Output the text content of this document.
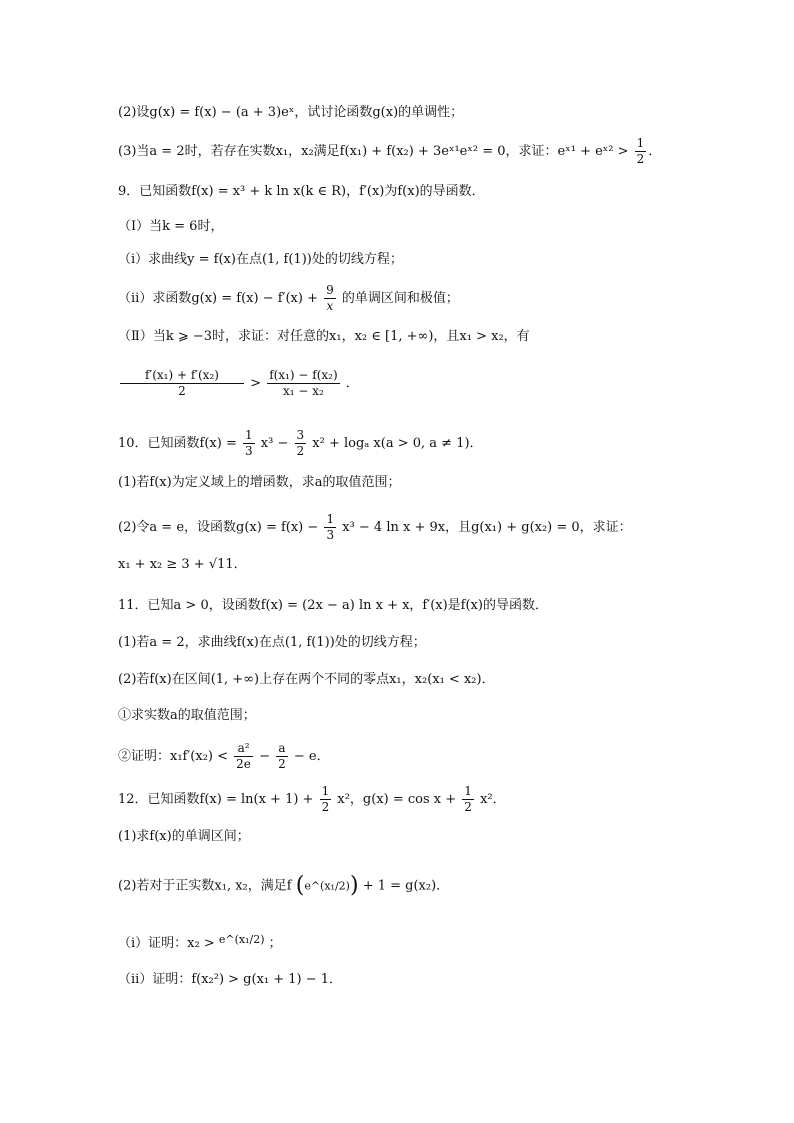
(2)设g(x) = f(x) − (a + 3)eˣ，试讨论函数g(x)的单调性；
(3)当a = 2时，若存在实数x₁，x₂满足f(x₁) + f(x₂) + 3eˣ¹eˣ² = 0，求证：eˣ¹ + eˣ² > $\frac{1}{2}$ ．
9．已知函数f(x) = x³ + k ln x(k ∈ R)，f′(x)为f(x)的导函数．
（Ⅰ）当k = 6时，
（i）求曲线y = f(x)在点(1, f(1))处的切线方程；
（ii）求函数$g(x) = f(x) - f'(x) + \frac{9}{x}$ 的单调区间和极值；
（Ⅱ）当k ⩾ −3时，求证：对任意的x₁，x₂ ∈ [1, +∞)，且x₁ > x₂，有
$\frac{\text{f′(x₁) + f′(x₂)}}{2} > \frac{\text{f(x₁) − f(x₂)}}{\text{x₁ − x₂}}$ ．
10．已知函数$f(x) = \frac{1}{3} x^3 - \frac{3}{2} x^2 + \log_a$ x(a > 0, a ≠ 1)．
(1)若f(x)为定义域上的增函数，求a的取值范围；
(2)令a = e，设函数$g(x) = f(x) - \frac{1}{3} x^3 - 4$ ln x + 9x，且g(x₁) + g(x₂) = 0，求证：
x₁ + x₂ ≥ 3 + √11．
11．已知a > 0，设函数f(x) = (2x − a) ln x + x，f′(x)是f(x)的导函数．
(1)若a = 2，求曲线f(x)在点(1, f(1))处的切线方程；
(2)若f(x)在区间(1, +∞)上存在两个不同的零点x₁，x₂(x₁ < x₂)．
①求实数a的取值范围；
②证明：$x_1f'(x_2) < \frac{\text{a²}}{2e} - \frac{a}{2} - e$．
12．已知函数$f(x) = \ln(x + 1) + \frac{1}{2} x^2$，$g(x) = \cos x + \frac{1}{2} x^2$．
(1)求f(x)的单调区间；
(2)若对于正实数x₁, x₂，满足f (e^(x₁/2)) + 1 = g(x₂)．
（i）证明：x₂ > $^{e\^{}(x_1/2)}$ ；
（ii）证明：f(x₂²) > g(x₁ + 1) − 1．
